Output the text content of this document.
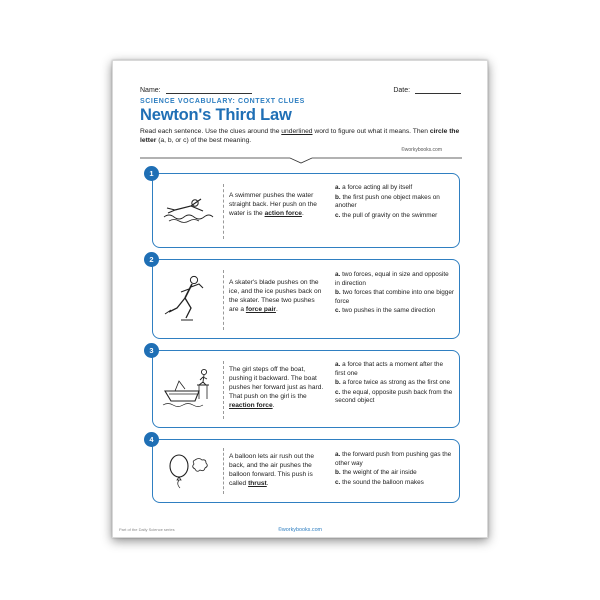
Name:	Date:
SCIENCE VOCABULARY: CONTEXT CLUES
Newton's Third Law
Read each sentence. Use the clues around the underlined word to figure out what it means. Then circle the letter (a, b, or c) of the best meaning.
©workybooks.com
1
A swimmer pushes the water straight back. Her push on the water is the action force.
a. a force acting all by itself
b. the first push one object makes on another
c. the pull of gravity on the swimmer
2
A skater's blade pushes on the ice, and the ice pushes back on the skater. These two pushes are a force pair.
a. two forces, equal in size and opposite in direction
b. two forces that combine into one bigger force
c. two pushes in the same direction
3
The girl steps off the boat, pushing it backward. The boat pushes her forward just as hard. That push on the girl is the reaction force.
a. a force that acts a moment after the first one
b. a force twice as strong as the first one
c. the equal, opposite push back from the second object
4
A balloon lets air rush out the back, and the air pushes the balloon forward. This push is called thrust.
a. the forward push from pushing gas the other way
b. the weight of the air inside
c. the sound the balloon makes
Part of the Daily Science series	©workybooks.com
